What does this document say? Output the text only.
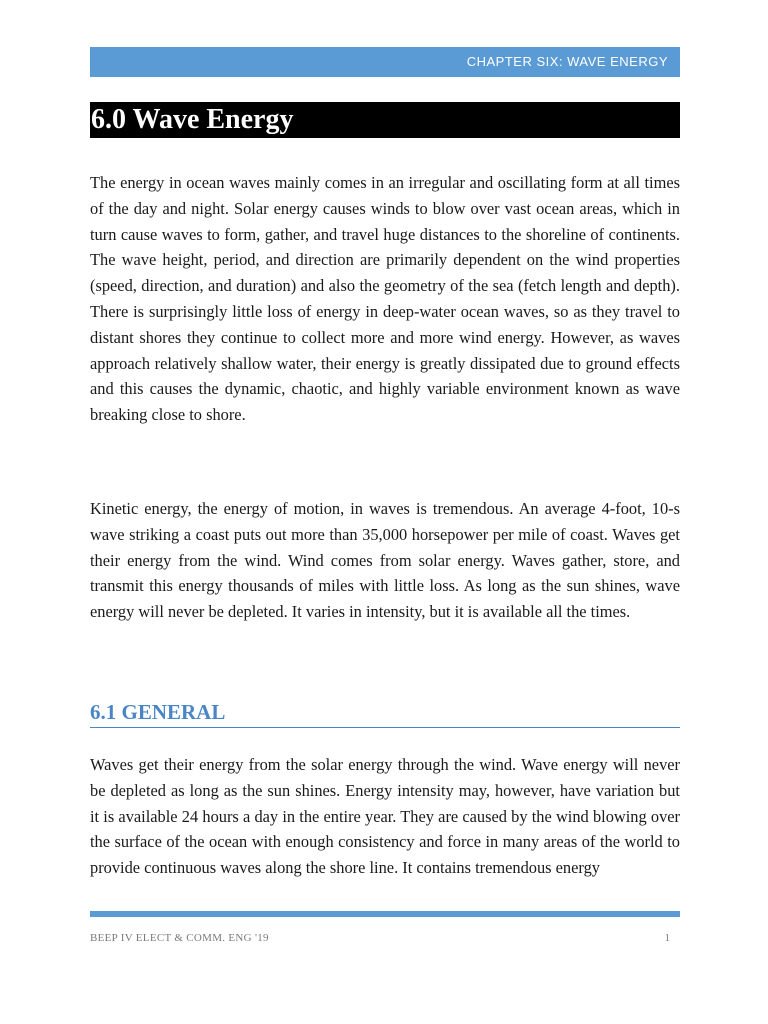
CHAPTER SIX: WAVE ENERGY
6.0 Wave Energy

The energy in ocean waves mainly comes in an irregular and oscillating form at all times of the day and night. Solar energy causes winds to blow over vast ocean areas, which in turn cause waves to form, gather, and travel huge distances to the shoreline of continents. The wave height, period, and direction are primarily dependent on the wind properties (speed, direction, and duration) and also the geometry of the sea (fetch length and depth). There is surprisingly little loss of energy in deep-water ocean waves, so as they travel to distant shores they continue to collect more and more wind energy. However, as waves approach relatively shallow water, their energy is greatly dissipated due to ground effects and this causes the dynamic, chaotic, and highly variable environment known as wave breaking close to shore.

Kinetic energy, the energy of motion, in waves is tremendous. An average 4-foot, 10-s wave striking a coast puts out more than 35,000 horsepower per mile of coast. Waves get their energy from the wind. Wind comes from solar energy. Waves gather, store, and transmit this energy thousands of miles with little loss. As long as the sun shines, wave energy will never be depleted. It varies in intensity, but it is available all the times.

6.1 GENERAL

Waves get their energy from the solar energy through the wind. Wave energy will never be depleted as long as the sun shines. Energy intensity may, however, have variation but it is available 24 hours a day in the entire year. They are caused by the wind blowing over the surface of the ocean with enough consistency and force in many areas of the world to provide continuous waves along the shore line. It contains tremendous energy

BEEP IV ELECT & COMM. ENG '19	1
